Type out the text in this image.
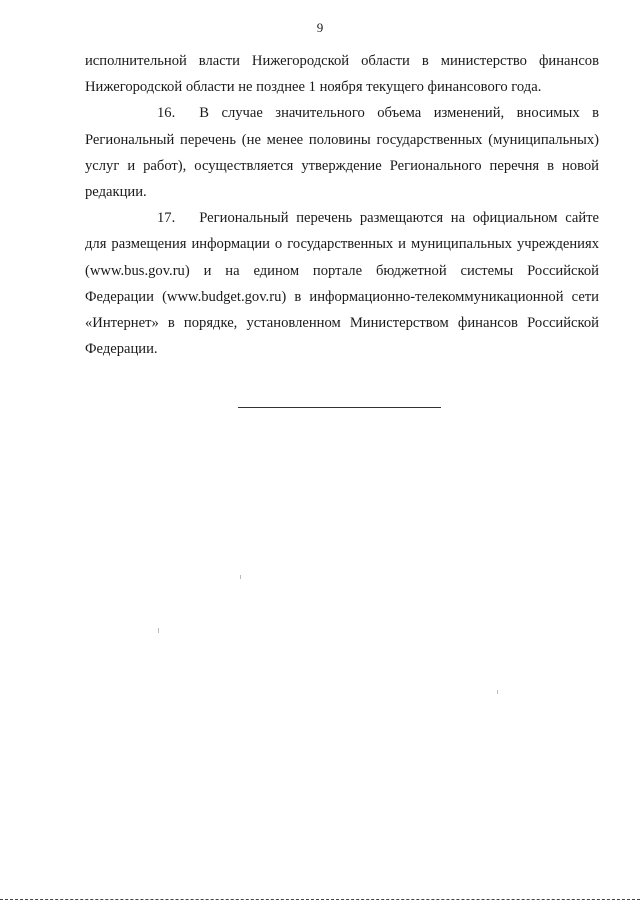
9

исполнительной власти Нижегородской области в министерство финансов Нижегородской области не позднее 1 ноября текущего финансового года.

16. В случае значительного объема изменений, вносимых в Региональный перечень (не менее половины государственных (муниципальных) услуг и работ), осуществляется утверждение Регионального перечня в новой редакции.

17. Региональный перечень размещаются на официальном сайте для размещения информации о государственных и муниципальных учреждениях (www.bus.gov.ru) и на едином портале бюджетной системы Российской Федерации (www.budget.gov.ru) в информационно-телекоммуникационной сети «Интернет» в порядке, установленном Министерством финансов Российской Федерации.
